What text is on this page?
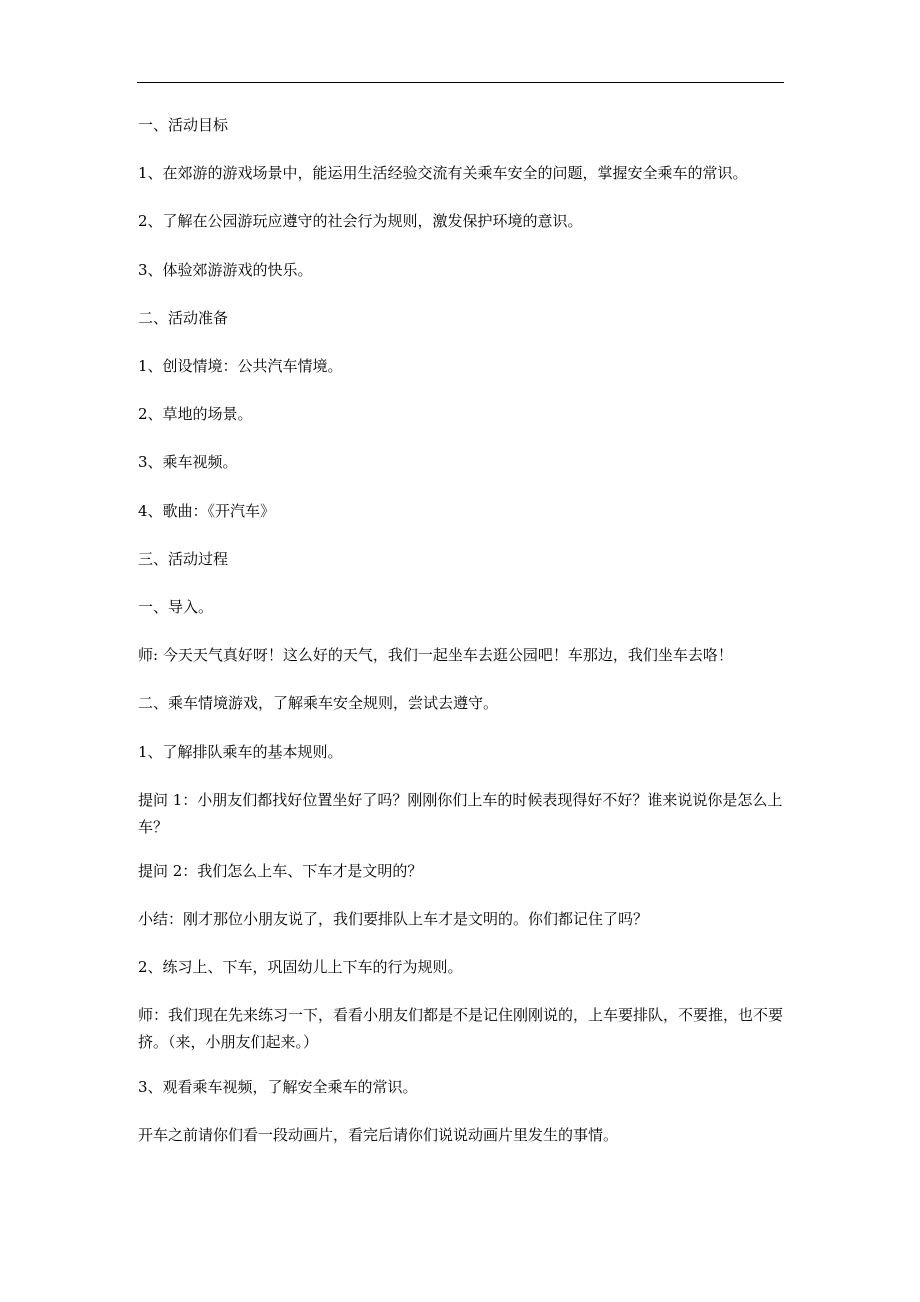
一、活动目标

1、在郊游的游戏场景中，能运用生活经验交流有关乘车安全的问题，掌握安全乘车的常识。

2、了解在公园游玩应遵守的社会行为规则，激发保护环境的意识。

3、体验郊游游戏的快乐。

二、活动准备

1、创设情境：公共汽车情境。

2、草地的场景。

3、乘车视频。

4、歌曲：《开汽车》

三、活动过程

一、导入。

师: 今天天气真好呀！这么好的天气，我们一起坐车去逛公园吧！车那边，我们坐车去咯！

二、乘车情境游戏，了解乘车安全规则，尝试去遵守。

1、了解排队乘车的基本规则。

提问 1：小朋友们都找好位置坐好了吗？刚刚你们上车的时候表现得好不好？谁来说说你是怎么上车？

提问 2：我们怎么上车、下车才是文明的？

小结：刚才那位小朋友说了，我们要排队上车才是文明的。你们都记住了吗？

2、练习上、下车，巩固幼儿上下车的行为规则。

师：我们现在先来练习一下，看看小朋友们都是不是记住刚刚说的，上车要排队，不要推，也不要挤。（来，小朋友们起来。）

3、观看乘车视频，了解安全乘车的常识。

开车之前请你们看一段动画片，看完后请你们说说动画片里发生的事情。
